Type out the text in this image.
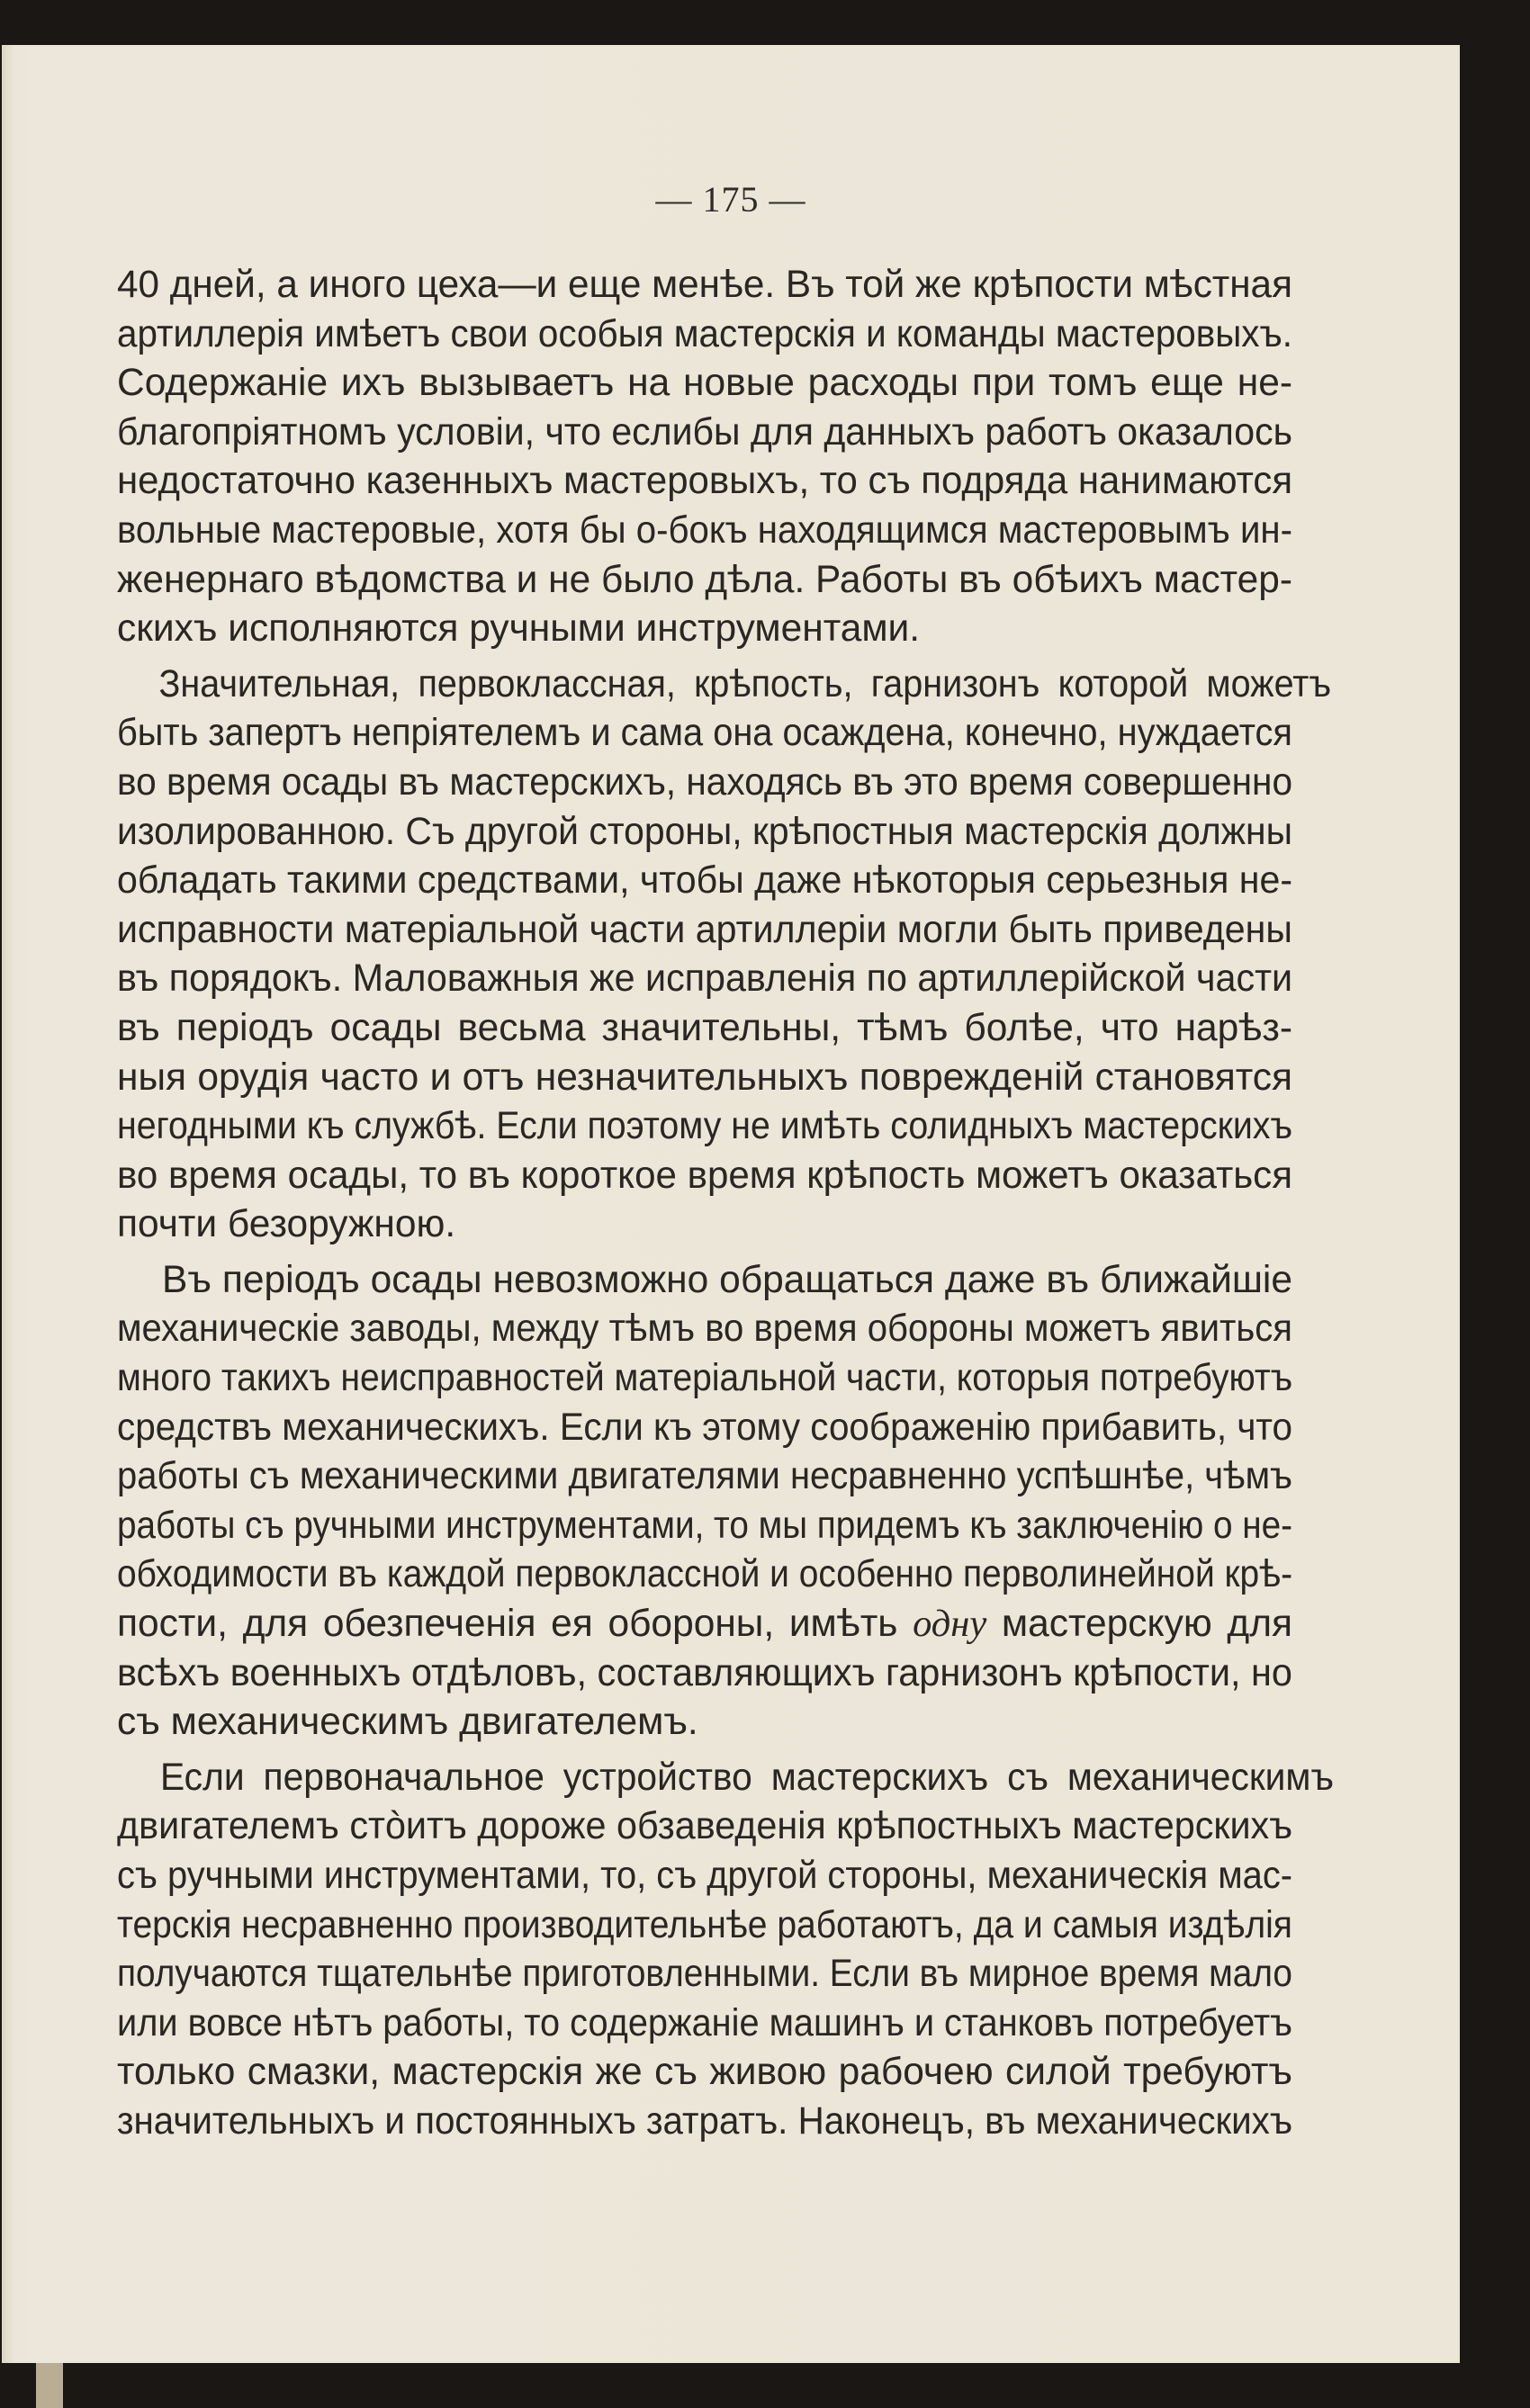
— 175 —
40 дней, а иного цеха—и еще менѣе. Въ той же крѣпости мѣстная
артиллерія имѣетъ свои особыя мастерскія и команды мастеровыхъ.
Содержаніе ихъ вызываетъ на новые расходы при томъ еще не-
благопріятномъ условіи, что еслибы для данныхъ работъ оказалось
недостаточно казенныхъ мастеровыхъ, то съ подряда нанимаются
вольные мастеровые, хотя бы о-бокъ находящимся мастеровымъ ин-
женернаго вѣдомства и не было дѣла. Работы въ обѣихъ мастер-
скихъ исполняются ручными инструментами.
Значительная, первоклассная, крѣпость, гарнизонъ которой можетъ
быть запертъ непріятелемъ и сама она осаждена, конечно, нуждается
во время осады въ мастерскихъ, находясь въ это время совершенно
изолированною. Съ другой стороны, крѣпостныя мастерскія должны
обладать такими средствами, чтобы даже нѣкоторыя серьезныя не-
исправности матеріальной части артиллеріи могли быть приведены
въ порядокъ. Маловажныя же исправленія по артиллерійской части
въ періодъ осады весьма значительны, тѣмъ болѣе, что нарѣз-
ныя орудія часто и отъ незначительныхъ поврежденій становятся
негодными къ службѣ. Если поэтому не имѣть солидныхъ мастерскихъ
во время осады, то въ короткое время крѣпость можетъ оказаться
почти безоружною.
Въ періодъ осады невозможно обращаться даже въ ближайшіе
механическіе заводы, между тѣмъ во время обороны можетъ явиться
много такихъ неисправностей матеріальной части, которыя потребуютъ
средствъ механическихъ. Если къ этому соображенію прибавить, что
работы съ механическими двигателями несравненно успѣшнѣе, чѣмъ
работы съ ручными инструментами, то мы придемъ къ заключенію о не-
обходимости въ каждой первоклассной и особенно перволинейной крѣ-
пости, для обезпеченія ея обороны, имѣть одну мастерскую для
всѣхъ военныхъ отдѣловъ, составляющихъ гарнизонъ крѣпости, но
съ механическимъ двигателемъ.
Если первоначальное устройство мастерскихъ съ механическимъ
двигателемъ стòитъ дороже обзаведенія крѣпостныхъ мастерскихъ
съ ручными инструментами, то, съ другой стороны, механическія мас-
терскія несравненно производительнѣе работаютъ, да и самыя издѣлія
получаются тщательнѣе приготовленными. Если въ мирное время мало
или вовсе нѣтъ работы, то содержаніе машинъ и станковъ потребуетъ
только смазки, мастерскія же съ живою рабочею силой требуютъ
значительныхъ и постоянныхъ затратъ. Наконецъ, въ механическихъ
